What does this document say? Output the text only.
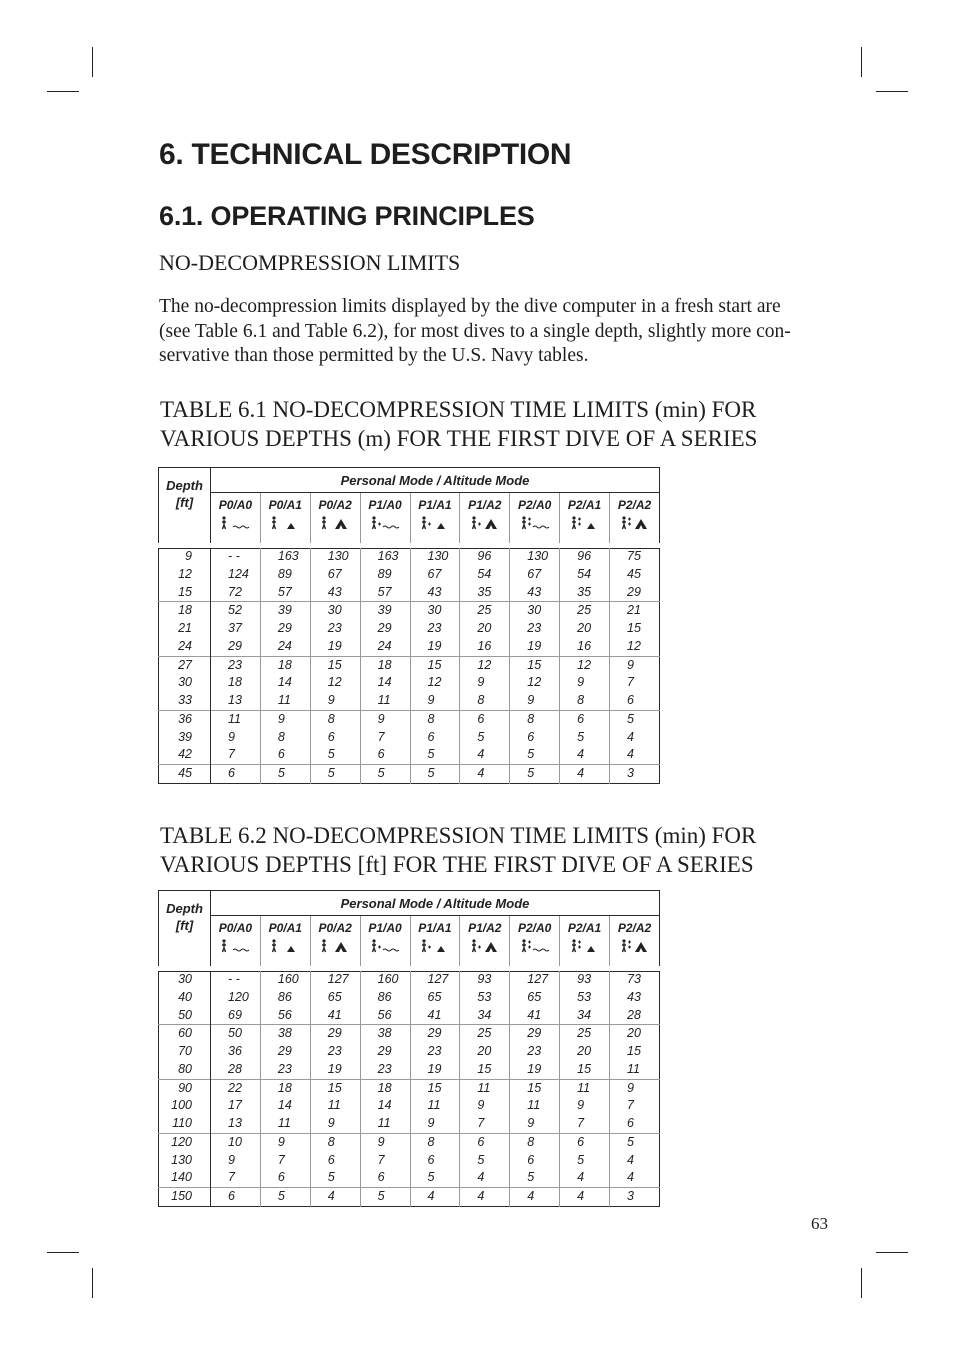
6. TECHNICAL DESCRIPTION
6.1. OPERATING PRINCIPLES
NO-DECOMPRESSION LIMITS

The no-decompression limits displayed by the dive computer in a fresh start are
(see Table 6.1 and Table 6.2), for most dives to a single depth, slightly more con-
servative than those permitted by the U.S. Navy tables.

TABLE 6.1 NO-DECOMPRESSION TIME LIMITS (min) FOR
VARIOUS DEPTHS (m) FOR THE FIRST DIVE OF A SERIES
Depth
[ft]	Personal Mode / Altitude Mode								
	P0/A0	P0/A1	P0/A2	P1/A0	P1/A1	P1/A2	P2/A0	P2/A1	P2/A2

9	- -	163	130	163	130	96	130	96	75
12	124	89	67	89	67	54	67	54	45
15	72	57	43	57	43	35	43	35	29
18	52	39	30	39	30	25	30	25	21
21	37	29	23	29	23	20	23	20	15
24	29	24	19	24	19	16	19	16	12
27	23	18	15	18	15	12	15	12	9
30	18	14	12	14	12	9	12	9	7
33	13	11	9	11	9	8	9	8	6
36	11	9	8	9	8	6	8	6	5
39	9	8	6	7	6	5	6	5	4
42	7	6	5	6	5	4	5	4	4
45	6	5	5	5	5	4	5	4	3
TABLE 6.2 NO-DECOMPRESSION TIME LIMITS (min) FOR
VARIOUS DEPTHS [ft] FOR THE FIRST DIVE OF A SERIES
Depth
[ft]	Personal Mode / Altitude Mode								
	P0/A0	P0/A1	P0/A2	P1/A0	P1/A1	P1/A2	P2/A0	P2/A1	P2/A2

30	- -	160	127	160	127	93	127	93	73
40	120	86	65	86	65	53	65	53	43
50	69	56	41	56	41	34	41	34	28
60	50	38	29	38	29	25	29	25	20
70	36	29	23	29	23	20	23	20	15
80	28	23	19	23	19	15	19	15	11
90	22	18	15	18	15	11	15	11	9
100	17	14	11	14	11	9	11	9	7
110	13	11	9	11	9	7	9	7	6
120	10	9	8	9	8	6	8	6	5
130	9	7	6	7	6	5	6	5	4
140	7	6	5	6	5	4	5	4	4
150	6	5	4	5	4	4	4	4	3
63
